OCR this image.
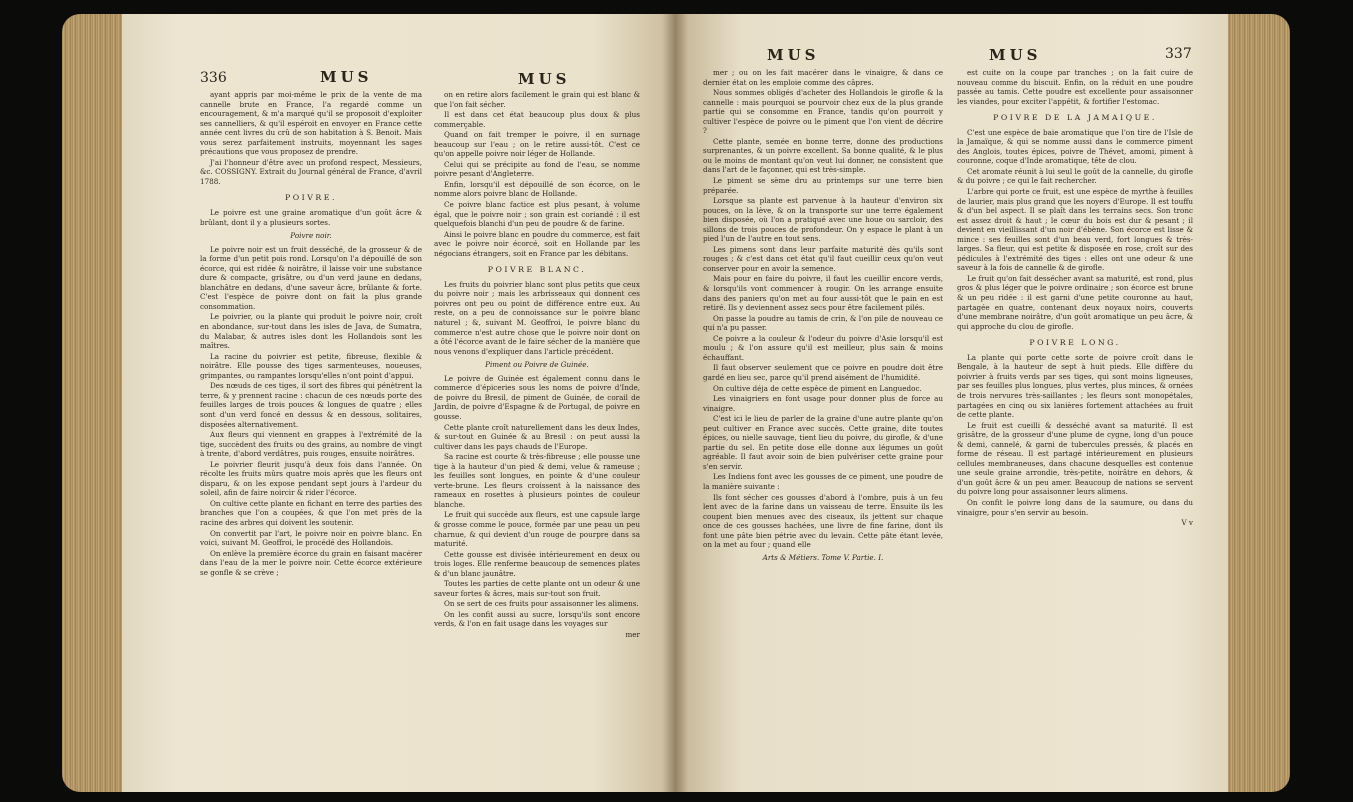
336	MUS	MUS

ayant appris par moi-même le prix de la vente de ma cannelle brute en France, l'a regardé comme un encouragement, & m'a marqué qu'il se proposoit d'exploiter ses cannelliers, & qu'il espéroit en envoyer en France cette année cent livres du crû de son habitation à S. Benoit. Mais vous serez parfaitement instruits, moyennant les sages précautions que vous proposez de prendre.

J'ai l'honneur d'être avec un profond respect, Messieurs, &c. COSSIGNY. Extrait du Journal général de France, d'avril 1788.

POIVRE.

Le poivre est une graine aromatique d'un goût âcre & brûlant, dont il y a plusieurs sortes.

Poivre noir.

Le poivre noir est un fruit desséché, de la grosseur & de la forme d'un petit pois rond. Lorsqu'on l'a dépouillé de son écorce, qui est ridée & noirâtre, il laisse voir une substance dure & compacte, grisâtre, ou d'un verd jaune en dedans, blanchâtre en dedans, d'une saveur âcre, brûlante & forte. C'est l'espèce de poivre dont on fait la plus grande consommation.

Le poivrier, ou la plante qui produit le poivre noir, croît en abondance, sur-tout dans les isles de Java, de Sumatra, du Malabar, & autres isles dont les Hollandois sont les maîtres.

La racine du poivrier est petite, fibreuse, flexible & noirâtre. Elle pousse des tiges sarmenteuses, noueuses, grimpantes, ou rampantes lorsqu'elles n'ont point d'appui.

Des nœuds de ces tiges, il sort des fibres qui pénètrent la terre, & y prennent racine : chacun de ces nœuds porte des feuilles larges de trois pouces & longues de quatre ; elles sont d'un verd foncé en dessus & en dessous, solitaires, disposées alternativement.

Aux fleurs qui viennent en grappes à l'extrémité de la tige, succèdent des fruits ou des grains, au nombre de vingt à trente, d'abord verdâtres, puis rouges, ensuite noirâtres.

Le poivrier fleurit jusqu'à deux fois dans l'année. On récolte les fruits mûrs quatre mois après que les fleurs ont disparu, & on les expose pendant sept jours à l'ardeur du soleil, afin de faire noircir & rider l'écorce.

On cultive cette plante en fichant en terre des parties des branches que l'on a coupées, & que l'on met près de la racine des arbres qui doivent les soutenir.

On convertit par l'art, le poivre noir en poivre blanc. En voici, suivant M. Geoffroi, le procédé des Hollandois.

On enlève la première écorce du grain en faisant macérer dans l'eau de la mer le poivre noir. Cette écorce extérieure se gonfle & se crève ;

on en retire alors facilement le grain qui est blanc & que l'on fait sécher.

Il est dans cet état beaucoup plus doux & plus commerçable.

Quand on fait tremper le poivre, il en surnage beaucoup sur l'eau ; on le retire aussi-tôt. C'est ce qu'on appelle poivre noir léger de Hollande.

Celui qui se précipite au fond de l'eau, se nomme poivre pesant d'Angleterre.

Enfin, lorsqu'il est dépouillé de son écorce, on le nomme alors poivre blanc de Hollande.

Ce poivre blanc factice est plus pesant, à volume égal, que le poivre noir ; son grain est coriandé : il est quelquefois blanchi d'un peu de poudre & de farine.

Ainsi le poivre blanc en poudre du commerce, est fait avec le poivre noir écorcé, soit en Hollande par les négocians étrangers, soit en France par les débitans.

POIVRE BLANC.

Les fruits du poivrier blanc sont plus petits que ceux du poivre noir ; mais les arbrisseaux qui donnent ces poivres ont peu ou point de différence entre eux. Au reste, on a peu de connoissance sur le poivre blanc naturel ; &, suivant M. Geoffroi, le poivre blanc du commerce n'est autre chose que le poivre noir dont on a ôté l'écorce avant de le faire sécher de la manière que nous venons d'expliquer dans l'article précédent.

Piment ou Poivre de Guinée.

Le poivre de Guinée est également connu dans le commerce d'épiceries sous les noms de poivre d'Inde, de poivre du Bresil, de piment de Guinée, de corail de Jardin, de poivre d'Espagne & de Portugal, de poivre en gousse.

Cette plante croît naturellement dans les deux Indes, & sur-tout en Guinée & au Bresil : on peut aussi la cultiver dans les pays chauds de l'Europe.

Sa racine est courte & très-fibreuse ; elle pousse une tige à la hauteur d'un pied & demi, velue & rameuse ; les feuilles sont longues, en pointe & d'une couleur verte-brune. Les fleurs croissent à la naissance des rameaux en rosettes à plusieurs pointes de couleur blanche.

Le fruit qui succède aux fleurs, est une capsule large & grosse comme le pouce, formée par une peau un peu charnue, & qui devient d'un rouge de pourpre dans sa maturité.

Cette gousse est divisée intérieurement en deux ou trois loges. Elle renferme beaucoup de semences plates & d'un blanc jaunâtre.

Toutes les parties de cette plante ont un odeur & une saveur fortes & âcres, mais sur-tout son fruit.

On se sert de ces fruits pour assaisonner les alimens.

On les confit aussi au sucre, lorsqu'ils sont encore verds, & l'on en fait usage dans les voyages sur

mer

MUS	MUS	337

mer ; ou on les fait macérer dans le vinaigre, & dans ce dernier état on les emploie comme des câpres.

Nous sommes obligés d'acheter des Hollandois le girofle & la cannelle : mais pourquoi se pourvoir chez eux de la plus grande partie qui se consomme en France, tandis qu'on pourroit y cultiver l'espèce de poivre ou le piment que l'on vient de décrire ?

Cette plante, semée en bonne terre, donne des productions surprenantes, & un poivre excellent. Sa bonne qualité, & le plus ou le moins de montant qu'on veut lui donner, ne consistent que dans l'art de le façonner, qui est très-simple.

Le piment se sème dru au printemps sur une terre bien préparée.

Lorsque sa plante est parvenue à la hauteur d'environ six pouces, on la lève, & on la transporte sur une terre également bien disposée, où l'on a pratiqué avec une houe ou sarcloir, des sillons de trois pouces de profondeur. On y espace le plant à un pied l'un de l'autre en tout sens.

Les pimens sont dans leur parfaite maturité dès qu'ils sont rouges ; & c'est dans cet état qu'il faut cueillir ceux qu'on veut conserver pour en avoir la semence.

Mais pour en faire du poivre, il faut les cueillir encore verds, & lorsqu'ils vont commencer à rougir. On les arrange ensuite dans des paniers qu'on met au four aussi-tôt que le pain en est retiré. Ils y deviennent assez secs pour être facilement pilés.

On passe la poudre au tamis de crin, & l'on pile de nouveau ce qui n'a pu passer.

Ce poivre a la couleur & l'odeur du poivre d'Asie lorsqu'il est moulu ; & l'on assure qu'il est meilleur, plus sain & moins échauffant.

Il faut observer seulement que ce poivre en poudre doit être gardé en lieu sec, parce qu'il prend aisément de l'humidité.

On cultive déja de cette espèce de piment en Languedoc.

Les vinaigriers en font usage pour donner plus de force au vinaigre.

C'est ici le lieu de parler de la graine d'une autre plante qu'on peut cultiver en France avec succès. Cette graine, dite toutes épices, ou nielle sauvage, tient lieu du poivre, du girofle, & d'une partie du sel. En petite dose elle donne aux légumes un goût agréable. Il faut avoir soin de bien pulvériser cette graine pour s'en servir.

Les Indiens font avec les gousses de ce piment, une poudre de la manière suivante :

Ils font sécher ces gousses d'abord à l'ombre, puis à un feu lent avec de la farine dans un vaisseau de terre. Ensuite ils les coupent bien menues avec des ciseaux, ils jettent sur chaque once de ces gousses hachées, une livre de fine farine, dont ils font une pâte bien pétrie avec du levain. Cette pâte étant levée, on la met au four ; quand elle

Arts & Métiers. Tome V. Partie. I.

est cuite on la coupe par tranches ; on la fait cuire de nouveau comme du biscuit. Enfin, on la réduit en une poudre passée au tamis. Cette poudre est excellente pour assaisonner les viandes, pour exciter l'appétit, & fortifier l'estomac.

POIVRE DE LA JAMAIQUE.

C'est une espèce de baie aromatique que l'on tire de l'Isle de la Jamaïque, & qui se nomme aussi dans le commerce piment des Anglois, toutes épices, poivre de Thévet, amomi, piment à couronne, coque d'Inde aromatique, tête de clou.

Cet aromate réunit à lui seul le goût de la cannelle, du girofle & du poivre ; ce qui le fait rechercher.

L'arbre qui porte ce fruit, est une espèce de myrthe à feuilles de laurier, mais plus grand que les noyers d'Europe. Il est touffu & d'un bel aspect. Il se plaît dans les terrains secs. Son tronc est assez droit & haut ; le cœur du bois est dur & pesant ; il devient en vieillissant d'un noir d'ébène. Son écorce est lisse & mince : ses feuilles sont d'un beau verd, fort longues & très-larges. Sa fleur, qui est petite & disposée en rose, croît sur des pédicules à l'extrémité des tiges : elles ont une odeur & une saveur à la fois de cannelle & de girofle.

Le fruit qu'on fait dessécher avant sa maturité, est rond, plus gros & plus léger que le poivre ordinaire ; son écorce est brune & un peu ridée : il est garni d'une petite couronne au haut, partagée en quatre, contenant deux noyaux noirs, couverts d'une membrane noirâtre, d'un goût aromatique un peu âcre, & qui approche du clou de girofle.

POIVRE LONG.

La plante qui porte cette sorte de poivre croît dans le Bengale, à la hauteur de sept à huit pieds. Elle diffère du poivrier à fruits verds par ses tiges, qui sont moins ligneuses, par ses feuilles plus longues, plus vertes, plus minces, & ornées de trois nervures très-saillantes ; les fleurs sont monopétales, partagées en cinq ou six lanières fortement attachées au fruit de cette plante.

Le fruit est cueilli & desséché avant sa maturité. Il est grisâtre, de la grosseur d'une plume de cygne, long d'un pouce & demi, cannelé, & garni de tubercules pressés, & placés en forme de réseau. Il est partagé intérieurement en plusieurs cellules membraneuses, dans chacune desquelles est contenue une seule graine arrondie, très-petite, noirâtre en dehors, & d'un goût âcre & un peu amer. Beaucoup de nations se servent du poivre long pour assaisonner leurs alimens.

On confit le poivre long dans de la saumure, ou dans du vinaigre, pour s'en servir au besoin.

V v
